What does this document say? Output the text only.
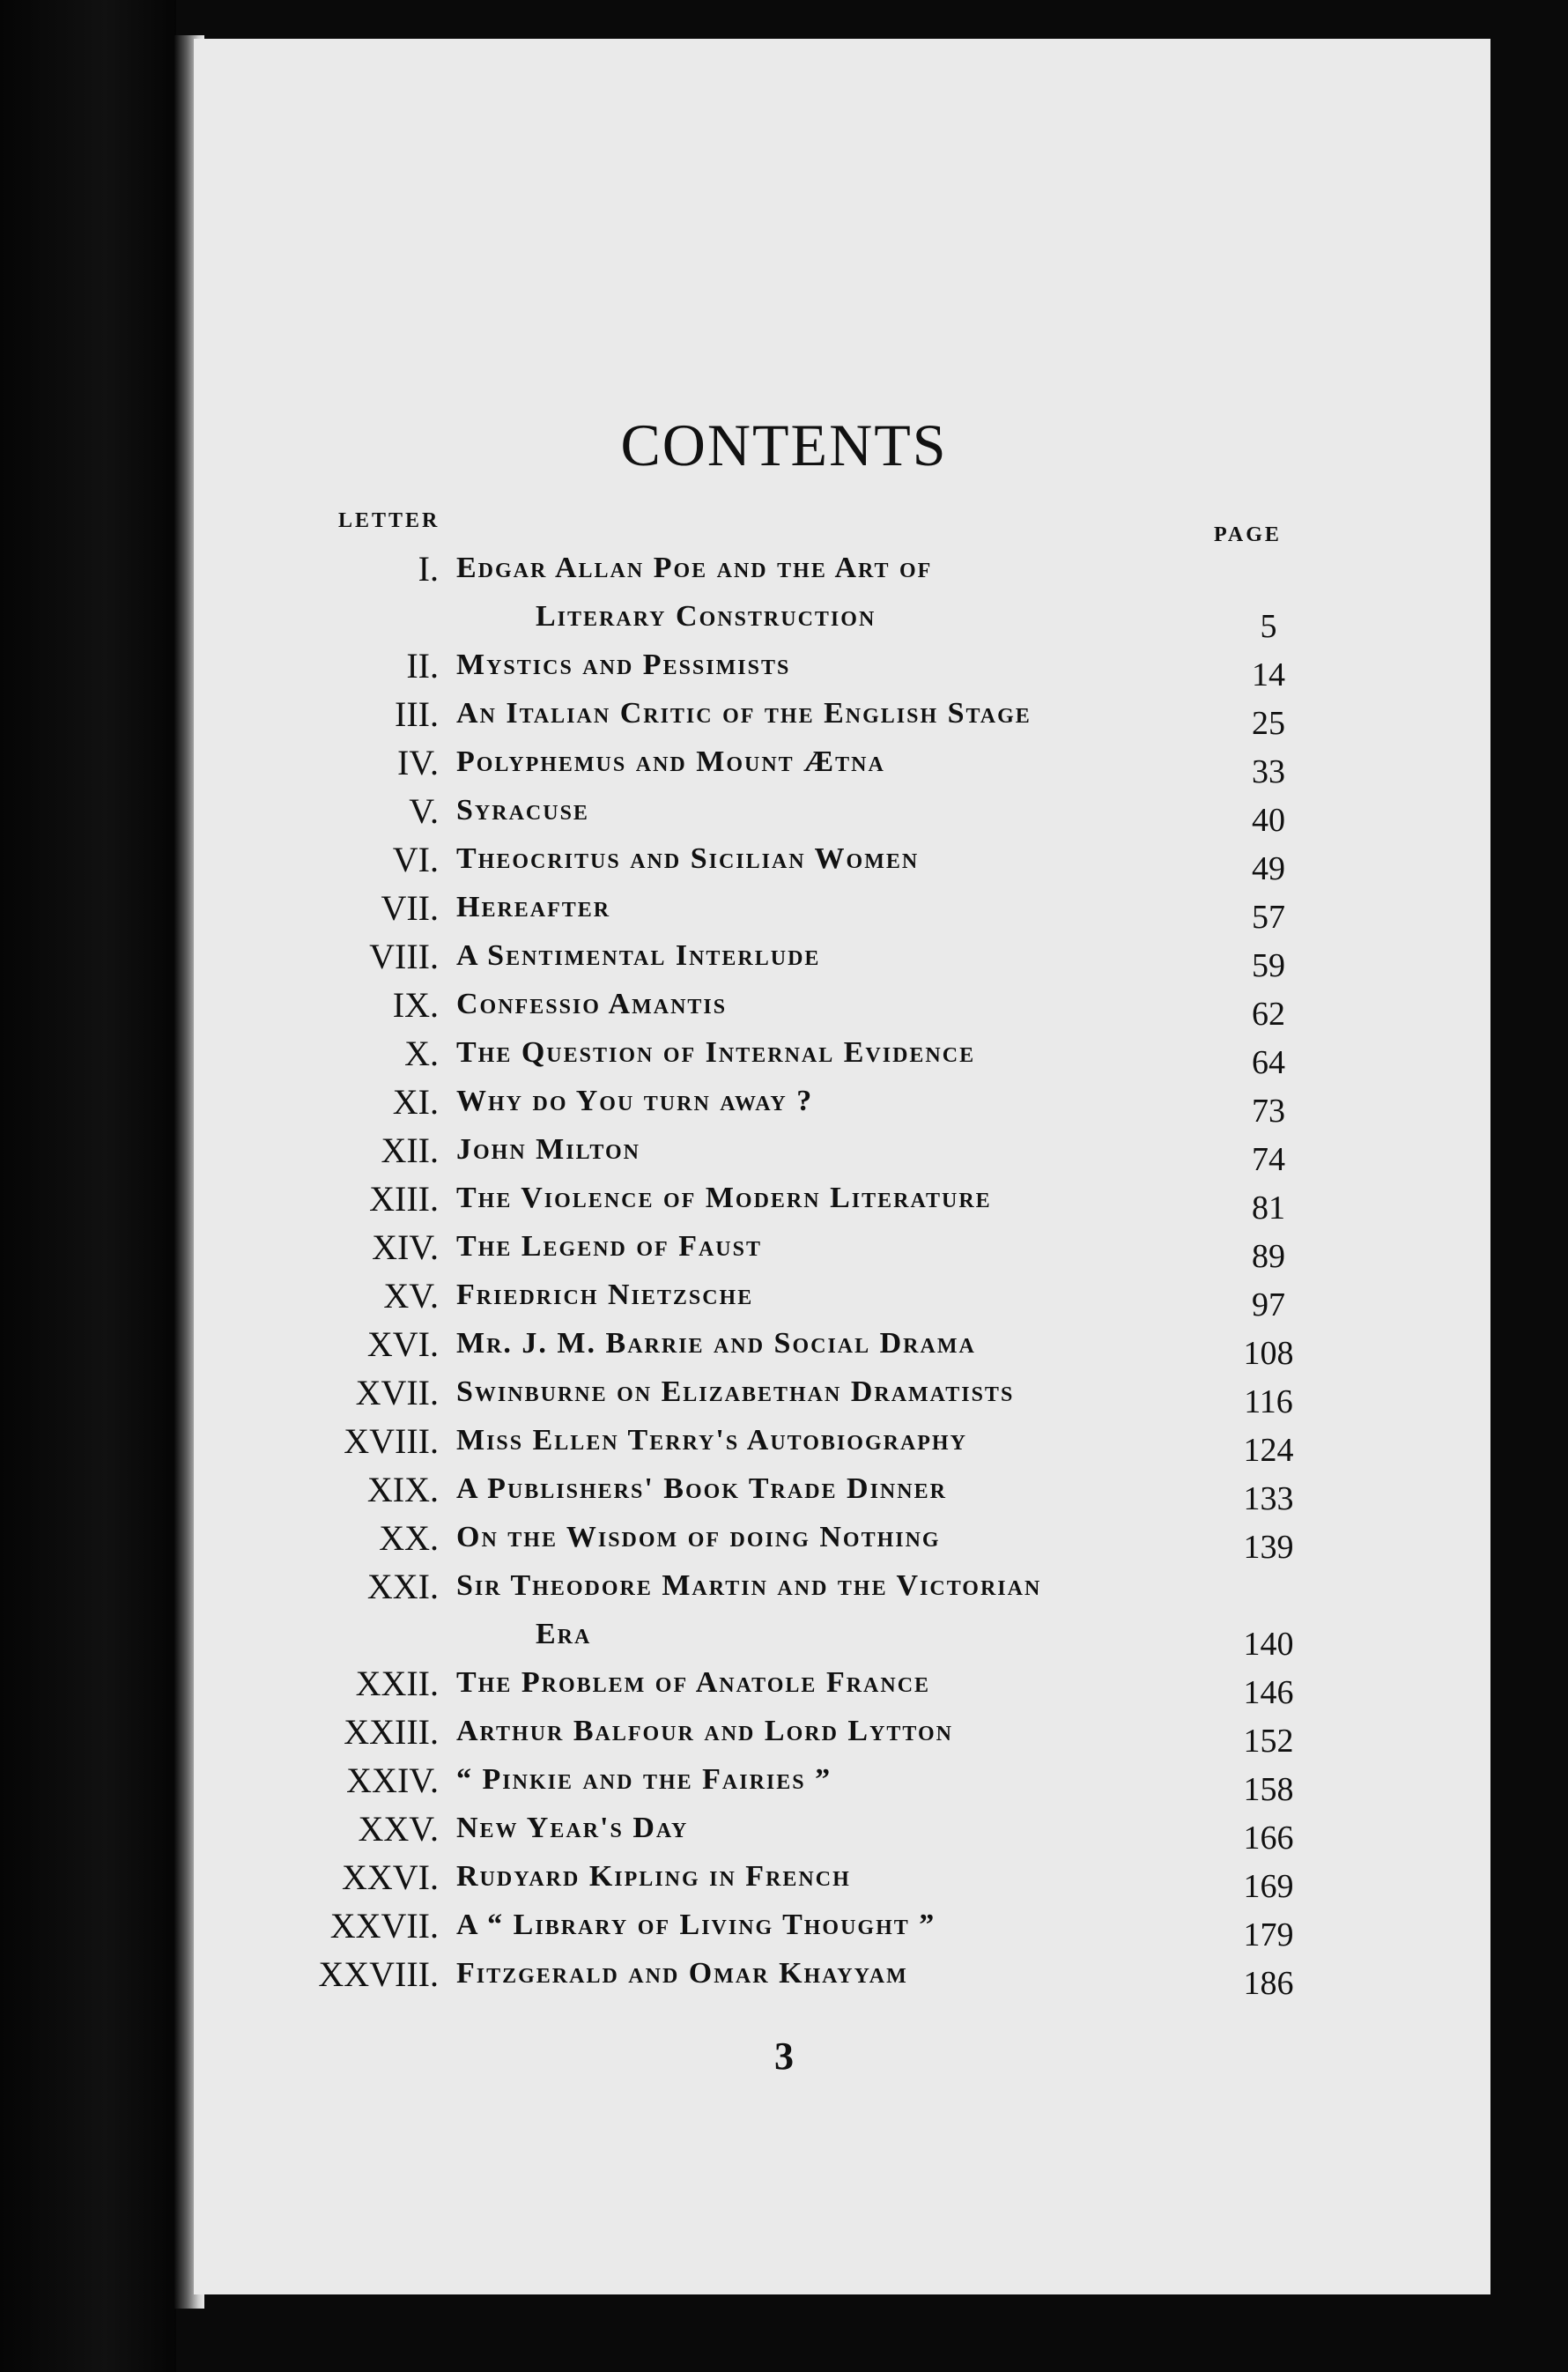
CONTENTS
LETTER
PAGE
I. Edgar Allan Poe and the Art of
Literary Construction	5
II. Mystics and Pessimists	14
III. An Italian Critic of the English Stage	25
IV. Polyphemus and Mount Ætna	33
V. Syracuse	40
VI. Theocritus and Sicilian Women	49
VII. Hereafter	57
VIII. A Sentimental Interlude	59
IX. Confessio Amantis	62
X. The Question of Internal Evidence	64
XI. Why do You turn away ?	73
XII. John Milton	74
XIII. The Violence of Modern Literature	81
XIV. The Legend of Faust	89
XV. Friedrich Nietzsche	97
XVI. Mr. J. M. Barrie and Social Drama	108
XVII. Swinburne on Elizabethan Dramatists	116
XVIII. Miss Ellen Terry's Autobiography	124
XIX. A Publishers' Book Trade Dinner	133
XX. On the Wisdom of doing Nothing	139
XXI. Sir Theodore Martin and the Victorian
Era	140
XXII. The Problem of Anatole France	146
XXIII. Arthur Balfour and Lord Lytton	152
XXIV. “ Pinkie and the Fairies ”	158
XXV. New Year's Day	166
XXVI. Rudyard Kipling in French	169
XXVII. A “ Library of Living Thought ”	179
XXVIII. Fitzgerald and Omar Khayyam	186
3
